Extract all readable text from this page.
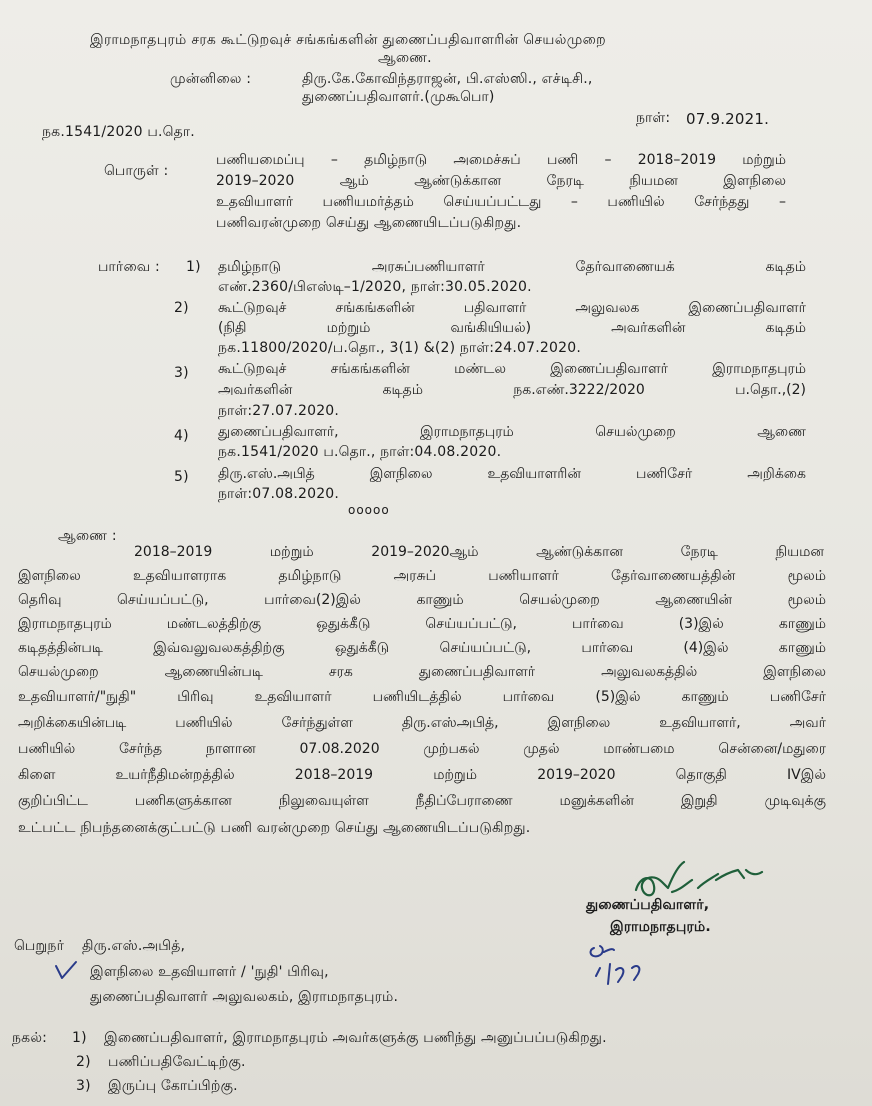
இராமநாதபுரம் சரக கூட்டுறவுச் சங்கங்களின் துணைப்பதிவாளரின் செயல்முறை
ஆணை.
முன்னிலை :	திரு.கே.கோவிந்தராஜன், பி.எஸ்ஸி., எச்டிசி.,
துணைப்பதிவாளர்.(முகூபொ)
நக.1541/2020 ப.தொ.
நாள்: 07.9.2021.
பொருள் :
பணியமைப்பு – தமிழ்நாடு அமைச்சுப் பணி – 2018–2019 மற்றும்
2019–2020 ஆம் ஆண்டுக்கான நேரடி நியமன இளநிலை
உதவியாளர் பணியமர்த்தம் செய்யப்பட்டது – பணியில் சேர்ந்தது –
பணிவரன்முறை செய்து ஆணையிடப்படுகிறது.
பார்வை : 1) தமிழ்நாடு அரசுப்பணியாளர் தேர்வாணையக் கடிதம்
எண்.2360/பிஎஸ்டி–1/2020, நாள்:30.05.2020.
2) கூட்டுறவுச் சங்கங்களின் பதிவாளர் அலுவலக இணைப்பதிவாளர்
(நிதி மற்றும் வங்கியியல்) அவர்களின் கடிதம்
நக.11800/2020/ப.தொ., 3(1) &(2) நாள்:24.07.2020.
3) கூட்டுறவுச் சங்கங்களின் மண்டல இணைப்பதிவாளர் இராமநாதபுரம்
அவர்களின் கடிதம் நக.எண்.3222/2020 ப.தொ.,(2)
நாள்:27.07.2020.
4) துணைப்பதிவாளர், இராமநாதபுரம் செயல்முறை ஆணை
நக.1541/2020 ப.தொ., நாள்:04.08.2020.
5) திரு.எஸ்.அபித் இளநிலை உதவியாளரின் பணிசேர் அறிக்கை
நாள்:07.08.2020.
ooooo
ஆணை :
2018–2019 மற்றும் 2019–2020ஆம் ஆண்டுக்கான நேரடி நியமன
இளநிலை உதவியாளராக தமிழ்நாடு அரசுப் பணியாளர் தேர்வாணையத்தின் மூலம்
தெரிவு செய்யப்பட்டு, பார்வை(2)இல் காணும் செயல்முறை ஆணையின் மூலம்
இராமநாதபுரம் மண்டலத்திற்கு ஒதுக்கீடு செய்யப்பட்டு, பார்வை (3)இல் காணும்
கடிதத்தின்படி இவ்வலுவலகத்திற்கு ஒதுக்கீடு செய்யப்பட்டு, பார்வை (4)இல் காணும்
செயல்முறை ஆணையின்படி சரக துணைப்பதிவாளர் அலுவலகத்தில் இளநிலை
உதவியாளர்/"நுதி" பிரிவு உதவியாளர் பணியிடத்தில் பார்வை (5)இல் காணும் பணிசேர்
அறிக்கையின்படி பணியில் சேர்ந்துள்ள திரு.எஸ்அபித், இளநிலை உதவியாளர், அவர்
பணியில் சேர்ந்த நாளான 07.08.2020 முற்பகல் முதல் மாண்பமை சென்னை/மதுரை
கிளை உயர்நீதிமன்றத்தில் 2018–2019 மற்றும் 2019–2020 தொகுதி IVஇல்
குறிப்பிட்ட பணிகளுக்கான நிலுவையுள்ள நீதிப்பேராணை மனுக்களின் இறுதி முடிவுக்கு
உட்பட்ட நிபந்தனைக்குட்பட்டு பணி வரன்முறை செய்து ஆணையிடப்படுகிறது.
துணைப்பதிவாளர்,
இராமநாதபுரம்.
பெறுநர் திரு.எஸ்.அபித்,
இளநிலை உதவியாளர் / 'நுதி' பிரிவு,
துணைப்பதிவாளர் அலுவலகம், இராமநாதபுரம்.
நகல்: 1) இணைப்பதிவாளர், இராமநாதபுரம் அவர்களுக்கு பணிந்து அனுப்பப்படுகிறது.
2) பணிப்பதிவேட்டிற்கு.
3) இருப்பு கோப்பிற்கு.
